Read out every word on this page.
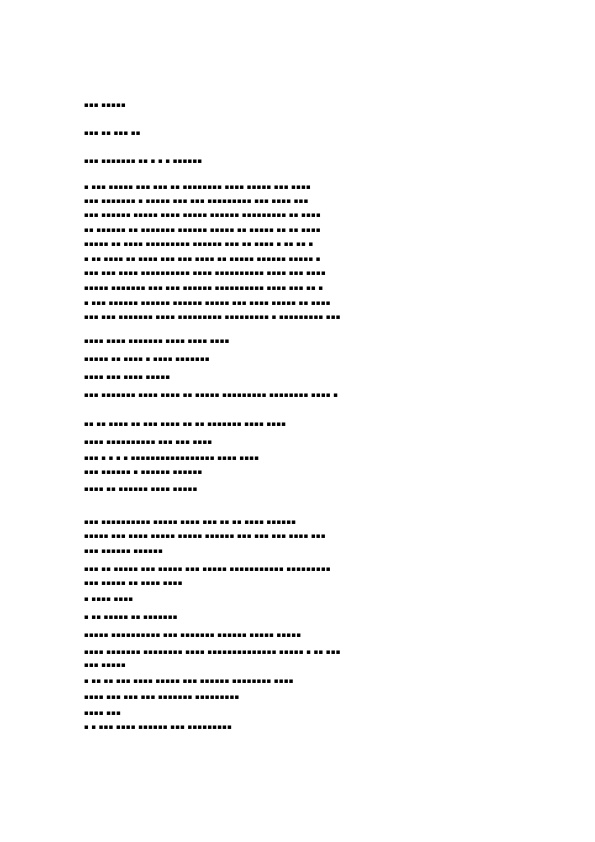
▪▪▪ ▪▪▪▪▪
▪▪▪ ▪▪ ▪▪▪ ▪▪
▪▪▪ ▪▪▪▪▪▪▪ ▪▪ ▪ ▪ ▪ ▪▪▪▪▪▪
▪ ▪▪▪ ▪▪▪▪▪ ▪▪▪ ▪▪▪ ▪▪ ▪▪▪▪▪▪▪▪ ▪▪▪▪ ▪▪▪▪▪ ▪▪▪ ▪▪▪▪
▪▪▪ ▪▪▪▪▪▪▪ ▪ ▪▪▪▪▪ ▪▪▪ ▪▪▪ ▪▪▪▪▪▪▪▪▪ ▪▪▪ ▪▪▪▪ ▪▪▪
▪▪▪ ▪▪▪▪▪▪ ▪▪▪▪▪ ▪▪▪▪ ▪▪▪▪▪ ▪▪▪▪▪▪ ▪▪▪▪▪▪▪▪▪ ▪▪ ▪▪▪▪
▪▪ ▪▪▪▪▪▪ ▪▪ ▪▪▪▪▪▪▪ ▪▪▪▪▪▪ ▪▪▪▪▪ ▪▪ ▪▪▪▪▪ ▪▪ ▪▪ ▪▪▪▪
▪▪▪▪▪ ▪▪ ▪▪▪▪ ▪▪▪▪▪▪▪▪▪ ▪▪▪▪▪▪ ▪▪▪ ▪▪ ▪▪▪▪ ▪ ▪▪ ▪▪ ▪
▪ ▪▪ ▪▪▪▪ ▪▪ ▪▪▪▪ ▪▪▪ ▪▪▪ ▪▪▪▪ ▪▪ ▪▪▪▪▪ ▪▪▪▪▪▪ ▪▪▪▪▪ ▪
▪▪▪ ▪▪▪ ▪▪▪▪ ▪▪▪▪▪▪▪▪▪▪ ▪▪▪▪ ▪▪▪▪▪▪▪▪▪▪ ▪▪▪▪ ▪▪▪ ▪▪▪▪
▪▪▪▪▪ ▪▪▪▪▪▪▪ ▪▪▪ ▪▪▪ ▪▪▪▪▪▪ ▪▪▪▪▪▪▪▪▪▪ ▪▪▪▪ ▪▪▪ ▪▪ ▪
▪ ▪▪▪ ▪▪▪▪▪▪ ▪▪▪▪▪▪ ▪▪▪▪▪▪ ▪▪▪▪▪ ▪▪▪ ▪▪▪▪ ▪▪▪▪▪ ▪▪ ▪▪▪▪
▪▪▪ ▪▪▪ ▪▪▪▪▪▪▪ ▪▪▪▪ ▪▪▪▪▪▪▪▪▪ ▪▪▪▪▪▪▪▪▪ ▪ ▪▪▪▪▪▪▪▪▪ ▪▪▪
▪▪▪▪ ▪▪▪▪ ▪▪▪▪▪▪▪ ▪▪▪▪ ▪▪▪▪ ▪▪▪▪
▪▪▪▪▪ ▪▪ ▪▪▪▪ ▪ ▪▪▪▪ ▪▪▪▪▪▪▪
▪▪▪▪ ▪▪▪ ▪▪▪▪ ▪▪▪▪▪
▪▪▪ ▪▪▪▪▪▪▪ ▪▪▪▪ ▪▪▪▪ ▪▪ ▪▪▪▪▪ ▪▪▪▪▪▪▪▪▪ ▪▪▪▪▪▪▪▪ ▪▪▪▪ ▪
▪▪ ▪▪ ▪▪▪▪ ▪▪ ▪▪▪ ▪▪▪▪ ▪▪ ▪▪ ▪▪▪▪▪▪▪ ▪▪▪▪ ▪▪▪▪
▪▪▪▪ ▪▪▪▪▪▪▪▪▪▪ ▪▪▪ ▪▪▪ ▪▪▪▪
▪▪▪ ▪ ▪ ▪ ▪ ▪▪▪▪▪▪▪▪▪▪▪▪▪▪▪▪▪ ▪▪▪▪ ▪▪▪▪
▪▪▪ ▪▪▪▪▪▪ ▪ ▪▪▪▪▪▪ ▪▪▪▪▪▪
▪▪▪▪ ▪▪ ▪▪▪▪▪▪ ▪▪▪▪ ▪▪▪▪▪
▪▪▪ ▪▪▪▪▪▪▪▪▪▪ ▪▪▪▪▪ ▪▪▪▪ ▪▪▪ ▪▪ ▪▪ ▪▪▪▪ ▪▪▪▪▪▪
▪▪▪▪▪ ▪▪▪ ▪▪▪▪ ▪▪▪▪▪ ▪▪▪▪▪ ▪▪▪▪▪▪ ▪▪▪ ▪▪▪ ▪▪▪ ▪▪▪▪ ▪▪▪
▪▪▪ ▪▪▪▪▪▪ ▪▪▪▪▪▪
▪▪▪ ▪▪ ▪▪▪▪▪ ▪▪▪ ▪▪▪▪▪ ▪▪▪ ▪▪▪▪▪ ▪▪▪▪▪▪▪▪▪▪▪ ▪▪▪▪▪▪▪▪▪
▪▪▪ ▪▪▪▪▪ ▪▪ ▪▪▪▪ ▪▪▪▪
▪ ▪▪▪▪ ▪▪▪▪
▪ ▪▪ ▪▪▪▪▪ ▪▪ ▪▪▪▪▪▪▪
▪▪▪▪▪ ▪▪▪▪▪▪▪▪▪▪ ▪▪▪ ▪▪▪▪▪▪▪ ▪▪▪▪▪▪ ▪▪▪▪▪ ▪▪▪▪▪
▪▪▪▪ ▪▪▪▪▪▪▪ ▪▪▪▪▪▪▪▪ ▪▪▪▪ ▪▪▪▪▪▪▪▪▪▪▪▪▪▪ ▪▪▪▪▪ ▪ ▪▪ ▪▪▪
▪▪▪ ▪▪▪▪▪
▪ ▪▪ ▪▪ ▪▪▪ ▪▪▪▪ ▪▪▪▪▪ ▪▪▪ ▪▪▪▪▪▪ ▪▪▪▪▪▪▪▪ ▪▪▪▪
▪▪▪▪ ▪▪▪ ▪▪▪ ▪▪▪ ▪▪▪▪▪▪▪ ▪▪▪▪▪▪▪▪▪
▪▪▪▪ ▪▪▪
▪ ▪ ▪▪▪ ▪▪▪▪ ▪▪▪▪▪▪ ▪▪▪ ▪▪▪▪▪▪▪▪▪
